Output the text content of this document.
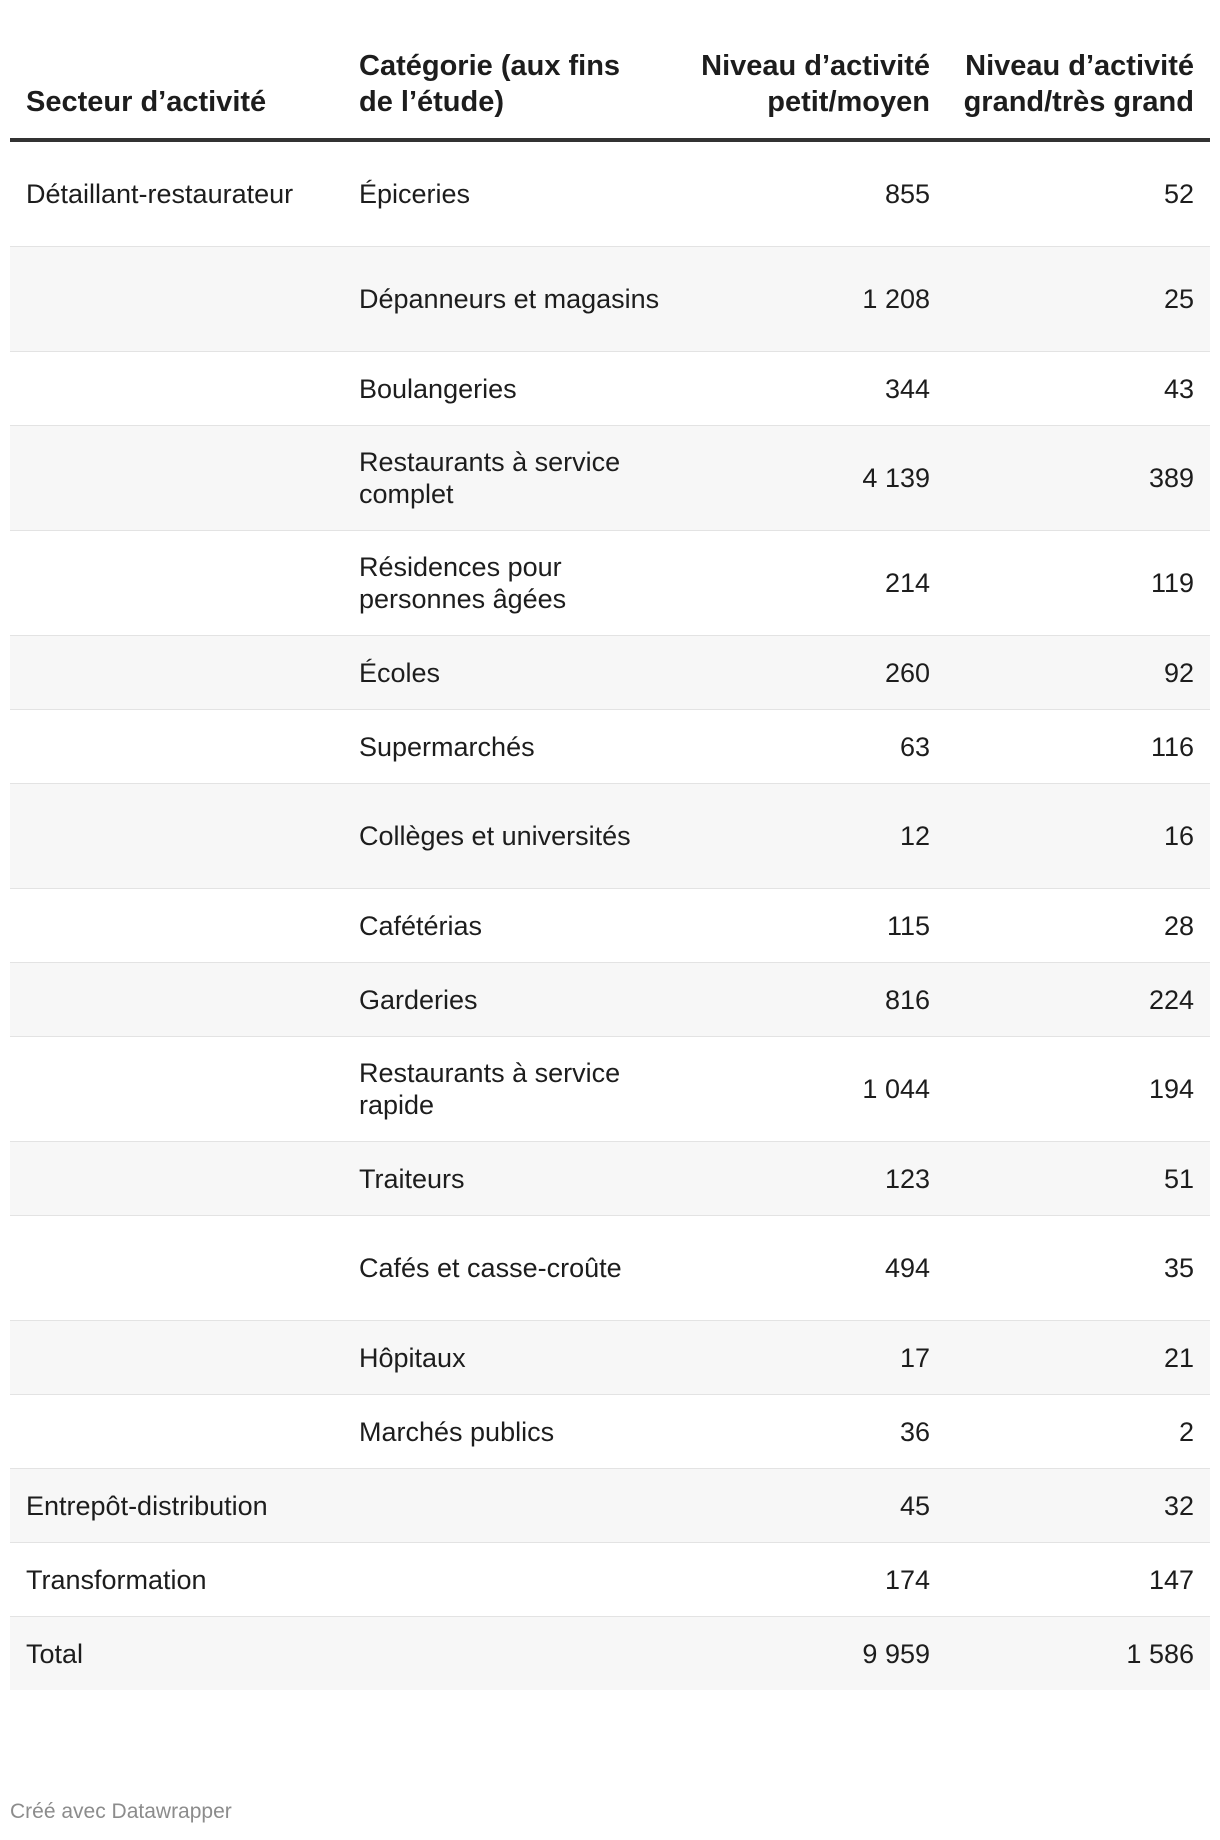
Secteur d’activité	Catégorie (aux fins de l’étude)	Niveau d’activité petit/moyen	Niveau d’activité grand/très grand
Détaillant-restaurateur	Épiceries	855	52
	Dépanneurs et magasins	1 208	25
	Boulangeries	344	43
	Restaurants à service complet	4 139	389
	Résidences pour personnes âgées	214	119
	Écoles	260	92
	Supermarchés	63	116
	Collèges et universités	12	16
	Cafétérias	115	28
	Garderies	816	224
	Restaurants à service rapide	1 044	194
	Traiteurs	123	51
	Cafés et casse-croûte	494	35
	Hôpitaux	17	21
	Marchés publics	36	2
Entrepôt-distribution		45	32
Transformation		174	147
Total		9 959	1 586
Créé avec Datawrapper
